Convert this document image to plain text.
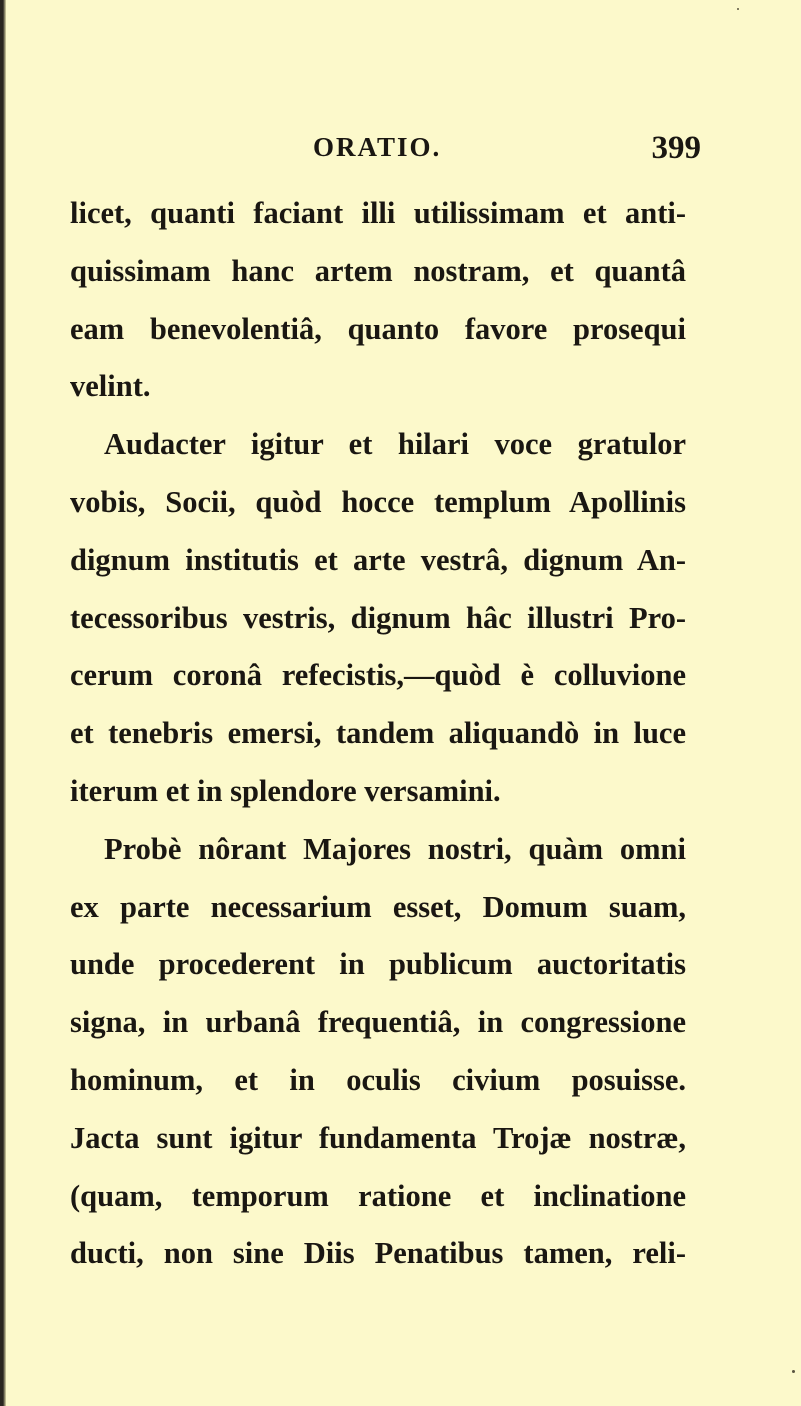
ORATIO.	399
licet, quanti faciant illi utilissimam et anti-
quissimam hanc artem nostram, et quantâ
eam benevolentiâ, quanto favore prosequi
velint.
Audacter igitur et hilari voce gratulor
vobis, Socii, quòd hocce templum Apollinis
dignum institutis et arte vestrâ, dignum An-
tecessoribus vestris, dignum hâc illustri Pro-
cerum coronâ refecistis,—quòd è colluvione
et tenebris emersi, tandem aliquandò in luce
iterum et in splendore versamini.
Probè nôrant Majores nostri, quàm omni
ex parte necessarium esset, Domum suam,
unde procederent in publicum auctoritatis
signa, in urbanâ frequentiâ, in congressione
hominum, et in oculis civium posuisse.
Jacta sunt igitur fundamenta Trojæ nostræ,
(quam, temporum ratione et inclinatione
ducti, non sine Diis Penatibus tamen, reli-
